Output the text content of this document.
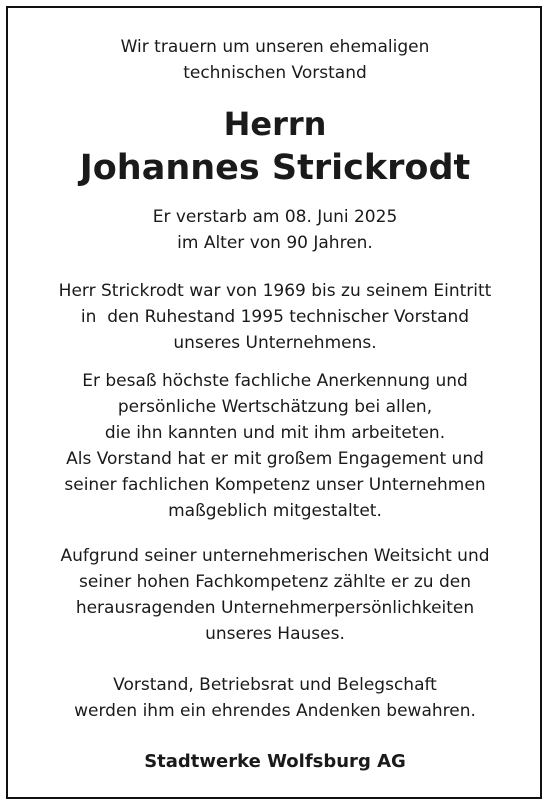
Wir trauern um unseren ehemaligen
technischen Vorstand
Herrn
Johannes Strickrodt
Er verstarb am 08. Juni 2025
im Alter von 90 Jahren.
Herr Strickrodt war von 1969 bis zu seinem Eintritt
in  den Ruhestand 1995 technischer Vorstand
unseres Unternehmens.
Er besaß höchste fachliche Anerkennung und
persönliche Wertschätzung bei allen,
die ihn kannten und mit ihm arbeiteten.
Als Vorstand hat er mit großem Engagement und
seiner fachlichen Kompetenz unser Unternehmen
maßgeblich mitgestaltet.
Aufgrund seiner unternehmerischen Weitsicht und
seiner hohen Fachkompetenz zählte er zu den
herausragenden Unternehmerpersönlichkeiten
unseres Hauses.
Vorstand, Betriebsrat und Belegschaft
werden ihm ein ehrendes Andenken bewahren.
Stadtwerke Wolfsburg AG
